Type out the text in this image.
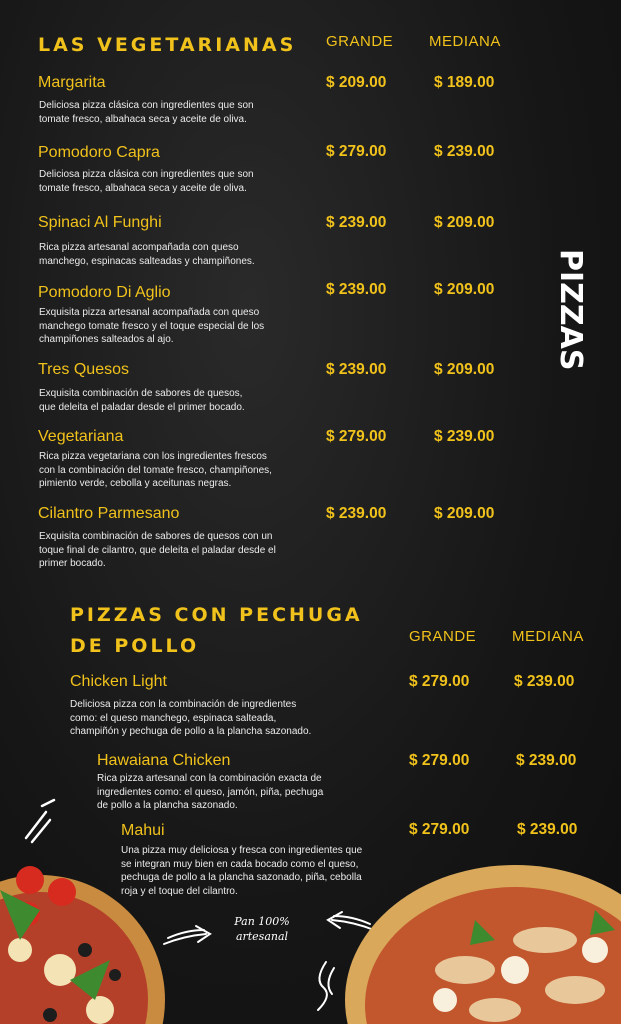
LAS VEGETARIANAS GRANDE MEDIANA
Margarita	$ 209.00	$ 189.00
Deliciosa pizza clásica con ingredientes que son
tomate fresco, albahaca seca y aceite de oliva.
Pomodoro Capra	$ 279.00	$ 239.00
Deliciosa pizza clásica con ingredientes que son
tomate fresco, albahaca seca y aceite de oliva.
Spinaci Al Funghi	$ 239.00	$ 209.00
Rica pizza artesanal acompañada con queso
manchego, espinacas salteadas y champiñones.
Pomodoro Di Aglio	$ 239.00	$ 209.00
Exquisita pizza artesanal acompañada con queso
manchego tomate fresco y el toque especial de los
champiñones salteados al ajo.
Tres Quesos	$ 239.00	$ 209.00
Exquisita combinación de sabores de quesos,
que deleita el paladar desde el primer bocado.
Vegetariana	$ 279.00	$ 239.00
Rica pizza vegetariana con los ingredientes frescos
con la combinación del tomate fresco, champiñones,
pimiento verde, cebolla y aceitunas negras.
Cilantro Parmesano	$ 239.00	$ 209.00
Exquisita combinación de sabores de quesos con un
toque final de cilantro, que deleita el paladar desde el
primer bocado.
PIZZAS
PIZZAS CON PECHUGA
DE POLLO	GRANDE MEDIANA
Chicken Light	$ 279.00	$ 239.00
Deliciosa pizza con la combinación de ingredientes
como: el queso manchego, espinaca salteada,
champiñón y pechuga de pollo a la plancha sazonado.
Hawaiana Chicken	$ 279.00	$ 239.00
Rica pizza artesanal con la combinación exacta de
ingredientes como: el queso, jamón, piña, pechuga
de pollo a la plancha sazonado.
Mahui	$ 279.00	$ 239.00
Una pizza muy deliciosa y fresca con ingredientes que
se integran muy bien en cada bocado como el queso,
pechuga de pollo a la plancha sazonado, piña, cebolla
roja y el toque del cilantro.
Pan 100%
artesanal
